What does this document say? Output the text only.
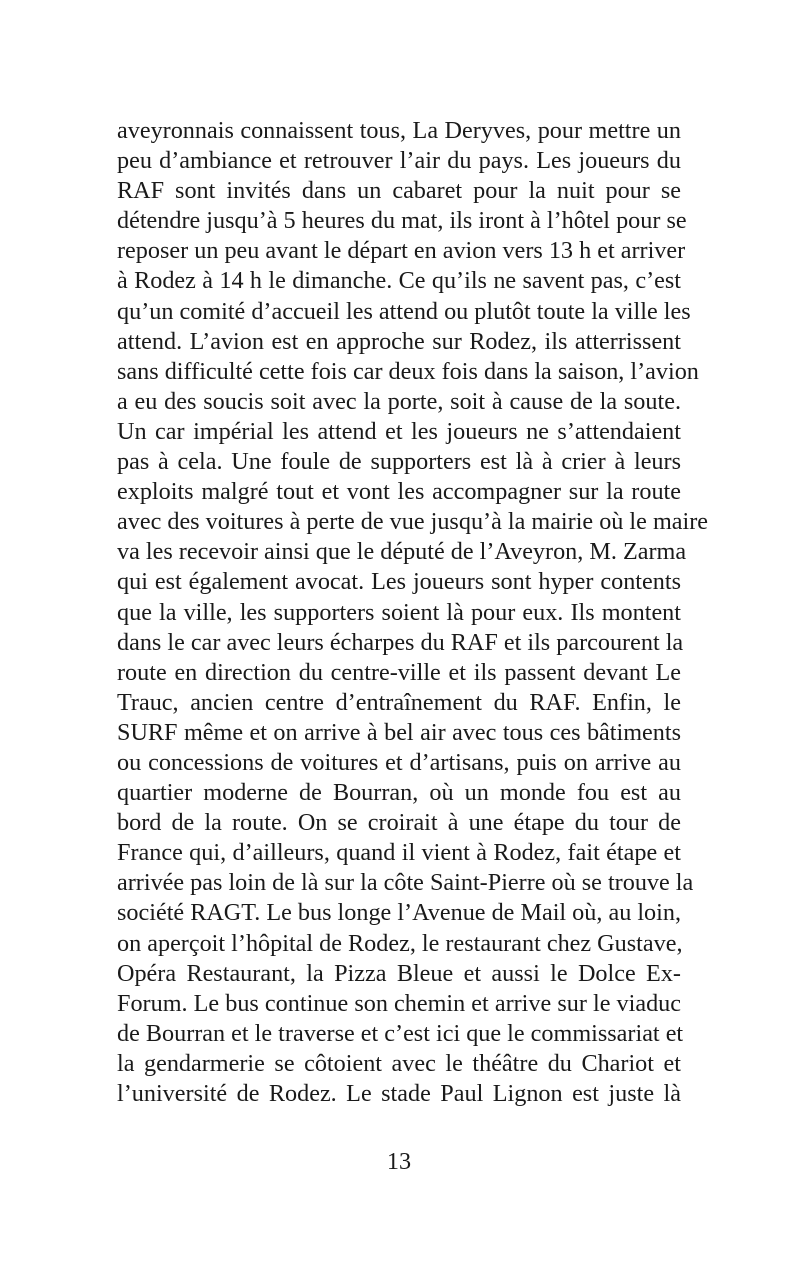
aveyronnais connaissent tous, La Deryves, pour mettre un
peu d’ambiance et retrouver l’air du pays. Les joueurs du
RAF sont invités dans un cabaret pour la nuit pour se
détendre jusqu’à 5 heures du mat, ils iront à l’hôtel pour se
reposer un peu avant le départ en avion vers 13 h et arriver
à Rodez à 14 h le dimanche. Ce qu’ils ne savent pas, c’est
qu’un comité d’accueil les attend ou plutôt toute la ville les
attend. L’avion est en approche sur Rodez, ils atterrissent
sans difficulté cette fois car deux fois dans la saison, l’avion
a eu des soucis soit avec la porte, soit à cause de la soute.
Un car impérial les attend et les joueurs ne s’attendaient
pas à cela. Une foule de supporters est là à crier à leurs
exploits malgré tout et vont les accompagner sur la route
avec des voitures à perte de vue jusqu’à la mairie où le maire
va les recevoir ainsi que le député de l’Aveyron, M. Zarma
qui est également avocat. Les joueurs sont hyper contents
que la ville, les supporters soient là pour eux. Ils montent
dans le car avec leurs écharpes du RAF et ils parcourent la
route en direction du centre-ville et ils passent devant Le
Trauc, ancien centre d’entraînement du RAF. Enfin, le
SURF même et on arrive à bel air avec tous ces bâtiments
ou concessions de voitures et d’artisans, puis on arrive au
quartier moderne de Bourran, où un monde fou est au
bord de la route. On se croirait à une étape du tour de
France qui, d’ailleurs, quand il vient à Rodez, fait étape et
arrivée pas loin de là sur la côte Saint-Pierre où se trouve la
société RAGT. Le bus longe l’Avenue de Mail où, au loin,
on aperçoit l’hôpital de Rodez, le restaurant chez Gustave,
Opéra Restaurant, la Pizza Bleue et aussi le Dolce Ex-
Forum. Le bus continue son chemin et arrive sur le viaduc
de Bourran et le traverse et c’est ici que le commissariat et
la gendarmerie se côtoient avec le théâtre du Chariot et
l’université de Rodez. Le stade Paul Lignon est juste là
13
